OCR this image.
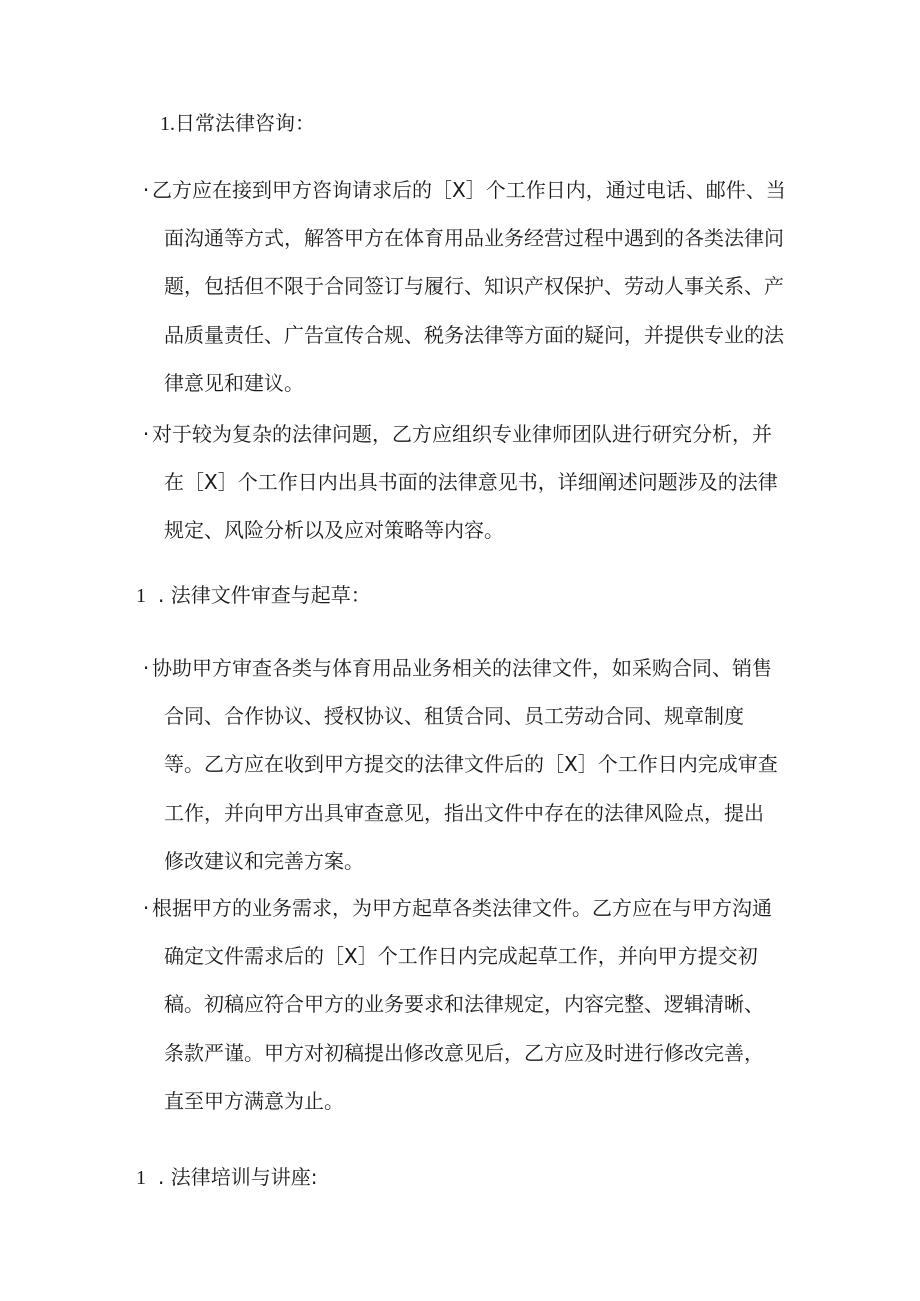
1.日常法律咨询：
· 乙方应在接到甲方咨询请求后的［X］个工作日内，通过电话、邮件、当
面沟通等方式，解答甲方在体育用品业务经营过程中遇到的各类法律问
题，包括但不限于合同签订与履行、知识产权保护、劳动人事关系、产
品质量责任、广告宣传合规、税务法律等方面的疑问，并提供专业的法
律意见和建议。
· 对于较为复杂的法律问题，乙方应组织专业律师团队进行研究分析，并
在［X］个工作日内出具书面的法律意见书，详细阐述问题涉及的法律
规定、风险分析以及应对策略等内容。
1 . 法律文件审查与起草：
· 协助甲方审查各类与体育用品业务相关的法律文件，如采购合同、销售
合同、合作协议、授权协议、租赁合同、员工劳动合同、规章制度
等。乙方应在收到甲方提交的法律文件后的［X］个工作日内完成审查
工作，并向甲方出具审查意见，指出文件中存在的法律风险点，提出
修改建议和完善方案。
· 根据甲方的业务需求，为甲方起草各类法律文件。乙方应在与甲方沟通
确定文件需求后的［X］个工作日内完成起草工作，并向甲方提交初
稿。初稿应符合甲方的业务要求和法律规定，内容完整、逻辑清晰、
条款严谨。甲方对初稿提出修改意见后，乙方应及时进行修改完善，
直至甲方满意为止。
1 . 法律培训与讲座:
